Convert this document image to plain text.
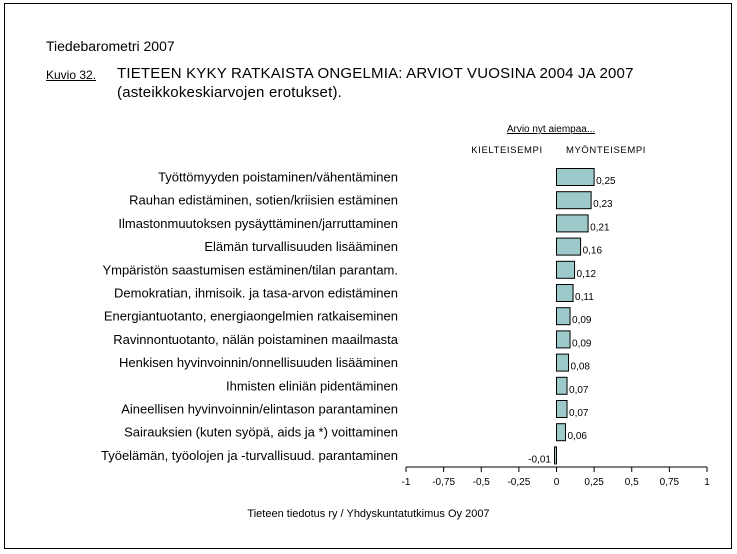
Tiedebarometri 2007
Kuvio 32. TIETEEN KYKY RATKAISTA ONGELMIA: ARVIOT VUOSINA 2004 JA 2007 (asteikkokeskiarvojen erotukset).
Arvio nyt aiempaa...
KIELTEISEMPI MYÖNTEISEMPI
Työttömyyden poistaminen/vähentäminen	0,25
Rauhan edistäminen, sotien/kriisien estäminen	0,23
Ilmastonmuutoksen pysäyttäminen/jarruttaminen	0,21
Elämän turvallisuuden lisääminen	0,16
Ympäristön saastumisen estäminen/tilan parantam.	0,12
Demokratian, ihmisoik. ja tasa-arvon edistäminen	0,11
Energiantuotanto, energiaongelmien ratkaiseminen	0,09
Ravinnontuotanto, nälän poistaminen maailmasta	0,09
Henkisen hyvinvoinnin/onnellisuuden lisääminen	0,08
Ihmisten eliniän pidentäminen	0,07
Aineellisen hyvinvoinnin/elintason parantaminen	0,07
Sairauksien (kuten syöpä, aids ja *) voittaminen	0,06
Työelämän, työolojen ja -turvallisuud. parantaminen	-0,01
-1 -0,75 -0,5 -0,25 0	0,25 0,5 0,75	1
Tieteen tiedotus ry / Yhdyskuntatutkimus Oy 2007
